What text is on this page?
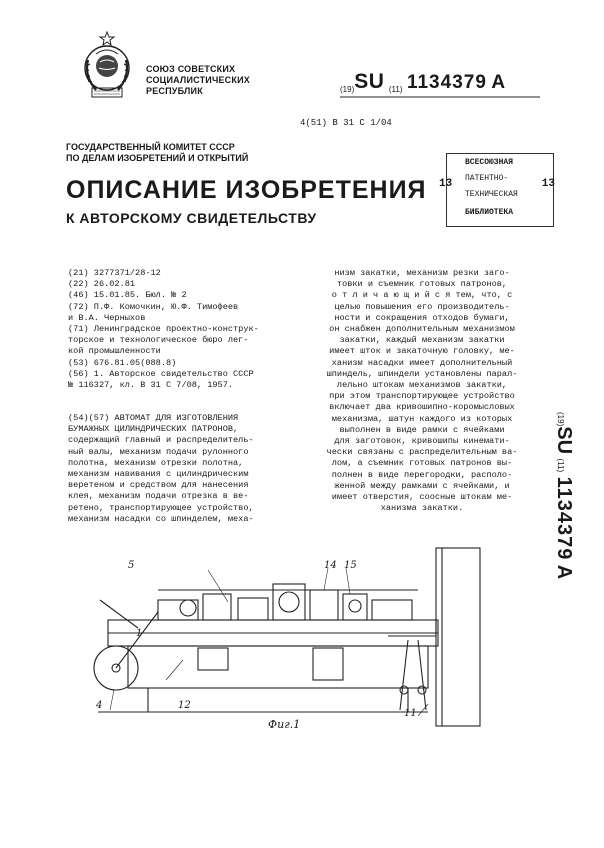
СОЮЗ СОВЕТСКИХ
СОЦИАЛИСТИЧЕСКИХ
РЕСПУБЛИК	(19)SU (11) 1134379 A
4(51) B 31 C 1/04
ГОСУДАРСТВЕННЫЙ КОМИТЕТ СССР
ПО ДЕЛАМ ИЗОБРЕТЕНИЙ И ОТКРЫТИЙ
ОПИСАНИЕ ИЗОБРЕТЕНИЯ
К АВТОРСКОМУ СВИДЕТЕЛЬСТВУ
ВСЕСОЮЗНАЯ
ПАТЕНТНО-
ТЕХНИЧЕСКАЯ
БИБЛИОТЕКА
13	13
(21) 3277371/28-12
(22) 26.02.81
(46) 15.01.85. Бюл. № 2
(72) П.Ф. Комочкин, Ю.Ф. Тимофеев
и В.А. Черныхов
(71) Ленинградское проектно-конструк-
торское и технологическое бюро лег-
кой промышленности
(53) 676.81.05(088.8)
(56) 1. Авторское свидетельство СССР
№ 116327, кл. В 31 С 7/08, 1957.
(54)(57) АВТОМАТ ДЛЯ ИЗГОТОВЛЕНИЯ
БУМАЖНЫХ ЦИЛИНДРИЧЕСКИХ ПАТРОНОВ,
содержащий главный и распределитель-
ный валы, механизм подачи рулонного
полотна, механизм отрезки полотна,
механизм навивания с цилиндрическим
веретеном и средством для нанесения
клея, механизм подачи отрезка в ве-
ретено, транспортирующее устройство,
механизм насадки со шпинделем, меха-
низм закатки, механизм резки заго-
товки и съемник готовых патронов,
о т л и ч а ю щ и й с я тем, что, с
целью повышения его производитель-
ности и сокращения отходов бумаги,
он снабжен дополнительным механизмом
закатки, каждый механизм закатки
имеет шток и закаточную головку, ме-
ханизм насадки имеет дополнительный
шпиндель, шпиндели установлены парал-
лельно штокам механизмов закатки,
при этом транспортирующее устройство
включает два кривошипно-коромысловых
механизма, шатун каждого из которых
выполнен в виде рамки с ячейками
для заготовок, кривошипы кинемати-
чески связаны с распределительным ва-
лом, а съемник готовых патронов вы-
полнен в виде перегородки, располо-
женной между рамками с ячейками, и
имеет отверстия, соосные штокам ме-
ханизма закатки.
(19)SU (11) 1134379 A
5	14 15
1
4	12
11
Фиг.1
